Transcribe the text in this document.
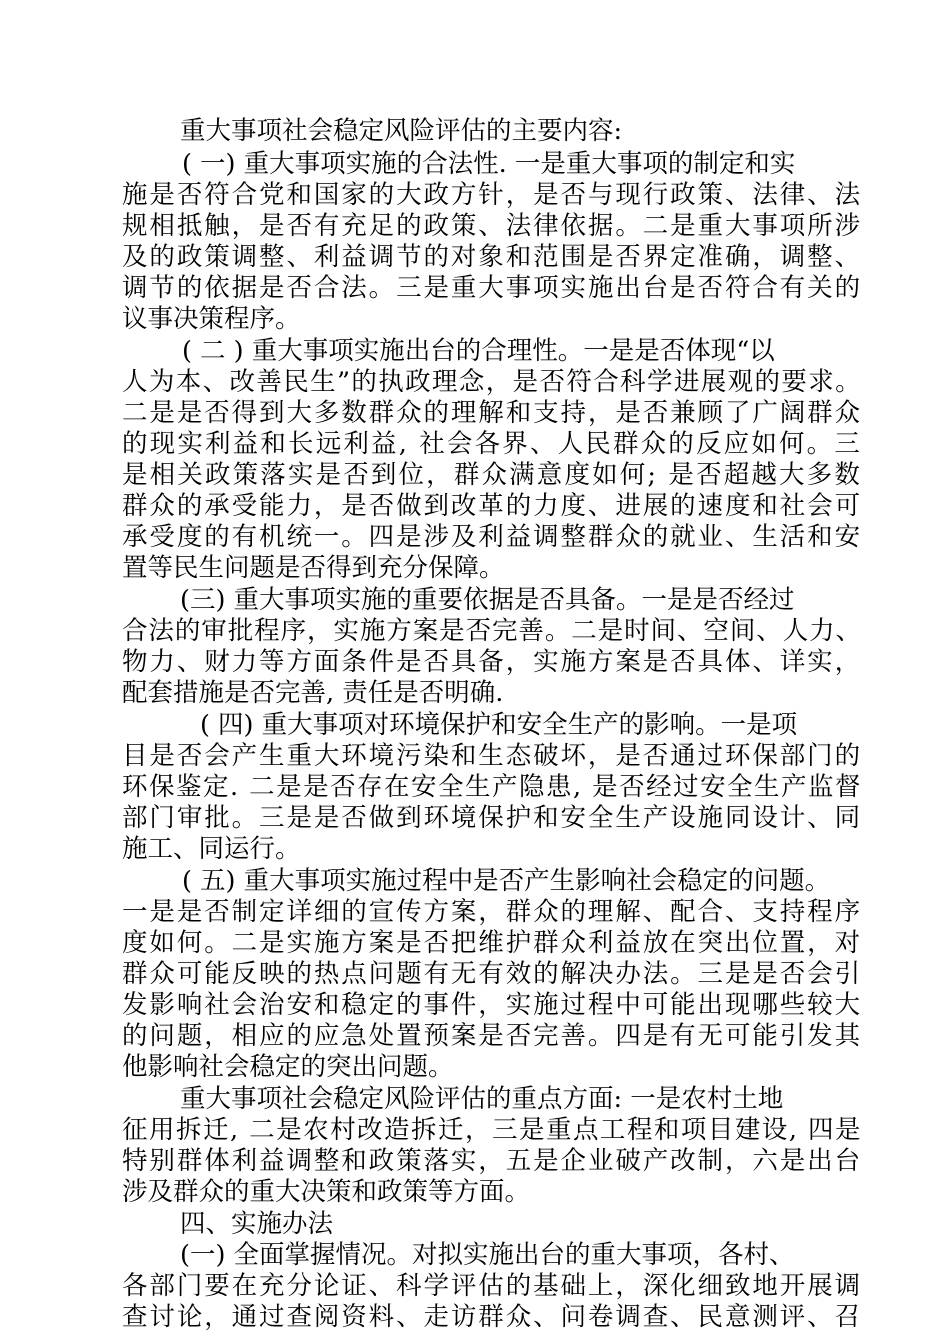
重大事项社会稳定风险评估的主要内容:
( 一) 重大事项实施的合法性. 一是重大事项的制定和实
施是否符合党和国家的大政方针，是否与现行政策、法律、法
规相抵触，是否有充足的政策、法律依据。二是重大事项所涉
及的政策调整、利益调节的对象和范围是否界定准确，调整、
调节的依据是否合法。三是重大事项实施出台是否符合有关的
议事决策程序。
( 二 ) 重大事项实施出台的合理性。一是是否体现“以
人为本、改善民生”的执政理念，是否符合科学进展观的要求。
二是是否得到大多数群众的理解和支持，是否兼顾了广阔群众
的现实利益和长远利益, 社会各界、人民群众的反应如何。三
是相关政策落实是否到位，群众满意度如何; 是否超越大多数
群众的承受能力，是否做到改革的力度、进展的速度和社会可
承受度的有机统一。四是涉及利益调整群众的就业、生活和安
置等民生问题是否得到充分保障。
(三) 重大事项实施的重要依据是否具备。一是是否经过
合法的审批程序，实施方案是否完善。二是时间、空间、人力、
物力、财力等方面条件是否具备，实施方案是否具体、详实，
配套措施是否完善, 责任是否明确.
( 四) 重大事项对环境保护和安全生产的影响。一是项
目是否会产生重大环境污染和生态破坏，是否通过环保部门的
环保鉴定. 二是是否存在安全生产隐患, 是否经过安全生产监督
部门审批。三是是否做到环境保护和安全生产设施同设计、同
施工、同运行。
( 五) 重大事项实施过程中是否产生影响社会稳定的问题。
一是是否制定详细的宣传方案，群众的理解、配合、支持程序
度如何。二是实施方案是否把维护群众利益放在突出位置，对
群众可能反映的热点问题有无有效的解决办法。三是是否会引
发影响社会治安和稳定的事件，实施过程中可能出现哪些较大
的问题，相应的应急处置预案是否完善。四是有无可能引发其
他影响社会稳定的突出问题。
重大事项社会稳定风险评估的重点方面: 一是农村土地
征用拆迁, 二是农村改造拆迁，三是重点工程和项目建设, 四是
特别群体利益调整和政策落实，五是企业破产改制，六是出台
涉及群众的重大决策和政策等方面。
四、实施办法
(一) 全面掌握情况。对拟实施出台的重大事项，各村、
各部门要在充分论证、科学评估的基础上，深化细致地开展调
查讨论，通过查阅资料、走访群众、问卷调查、民意测评、召
